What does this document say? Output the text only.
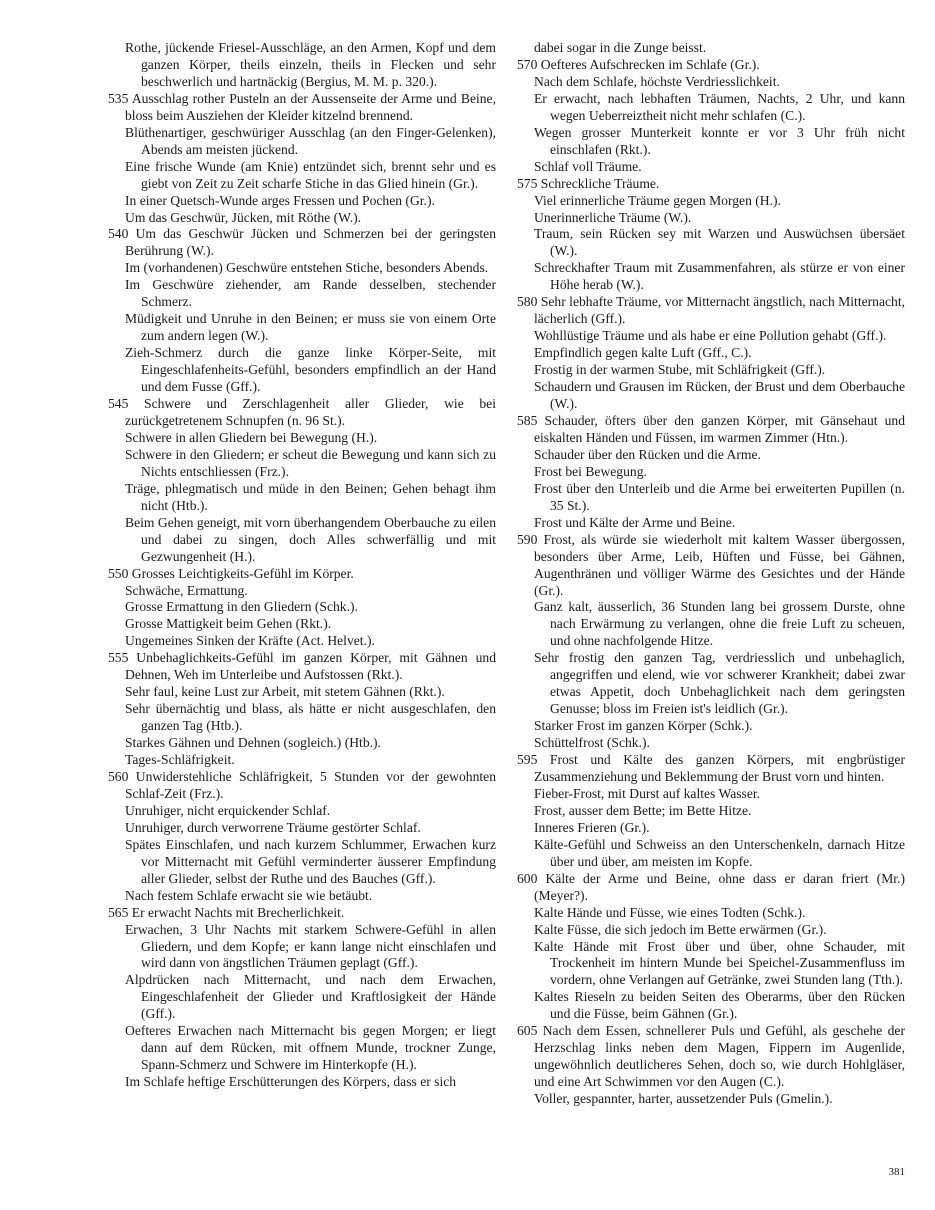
Rothe, jückende Friesel-Ausschläge, an den Armen, Kopf und dem ganzen Körper, theils einzeln, theils in Flecken und sehr beschwerlich und hartnäckig (Bergius, M. M. p. 320.).

535 Ausschlag rother Pusteln an der Aussenseite der Arme und Beine, bloss beim Ausziehen der Kleider kitzelnd brennend.

Blüthenartiger, geschwüriger Ausschlag (an den Finger-Gelenken), Abends am meisten jückend.

Eine frische Wunde (am Knie) entzündet sich, brennt sehr und es giebt von Zeit zu Zeit scharfe Stiche in das Glied hinein (Gr.).

In einer Quetsch-Wunde arges Fressen und Pochen (Gr.).

Um das Geschwür, Jücken, mit Röthe (W.).

540 Um das Geschwür Jücken und Schmerzen bei der geringsten Berührung (W.).

Im (vorhandenen) Geschwüre entstehen Stiche, besonders Abends.

Im Geschwüre ziehender, am Rande desselben, stechender Schmerz.

Müdigkeit und Unruhe in den Beinen; er muss sie von einem Orte zum andern legen (W.).

Zieh-Schmerz durch die ganze linke Körper-Seite, mit Eingeschlafenheits-Gefühl, besonders empfindlich an der Hand und dem Fusse (Gff.).

545 Schwere und Zerschlagenheit aller Glieder, wie bei zurückgetretenem Schnupfen (n. 96 St.).

Schwere in allen Gliedern bei Bewegung (H.).

Schwere in den Gliedern; er scheut die Bewegung und kann sich zu Nichts entschliessen (Frz.).

Träge, phlegmatisch und müde in den Beinen; Gehen behagt ihm nicht (Htb.).

Beim Gehen geneigt, mit vorn überhangendem Oberbauche zu eilen und dabei zu singen, doch Alles schwerfällig und mit Gezwungenheit (H.).

550 Grosses Leichtigkeits-Gefühl im Körper.

Schwäche, Ermattung.

Grosse Ermattung in den Gliedern (Schk.).

Grosse Mattigkeit beim Gehen (Rkt.).

Ungemeines Sinken der Kräfte (Act. Helvet.).

555 Unbehaglichkeits-Gefühl im ganzen Körper, mit Gähnen und Dehnen, Weh im Unterleibe und Aufstossen (Rkt.).

Sehr faul, keine Lust zur Arbeit, mit stetem Gähnen (Rkt.).

Sehr übernächtig und blass, als hätte er nicht ausgeschlafen, den ganzen Tag (Htb.).

Starkes Gähnen und Dehnen (sogleich.) (Htb.).

Tages-Schläfrigkeit.

560 Unwiderstehliche Schläfrigkeit, 5 Stunden vor der gewohnten Schlaf-Zeit (Frz.).

Unruhiger, nicht erquickender Schlaf.

Unruhiger, durch verworrene Träume gestörter Schlaf.

Spätes Einschlafen, und nach kurzem Schlummer, Erwachen kurz vor Mitternacht mit Gefühl verminderter äusserer Empfindung aller Glieder, selbst der Ruthe und des Bauches (Gff.).

Nach festem Schlafe erwacht sie wie betäubt.

565 Er erwacht Nachts mit Brecherlichkeit.

Erwachen, 3 Uhr Nachts mit starkem Schwere-Gefühl in allen Gliedern, und dem Kopfe; er kann lange nicht einschlafen und wird dann von ängstlichen Träumen geplagt (Gff.).

Alpdrücken nach Mitternacht, und nach dem Erwachen, Eingeschlafenheit der Glieder und Kraftlosigkeit der Hände (Gff.).

Oefteres Erwachen nach Mitternacht bis gegen Morgen; er liegt dann auf dem Rücken, mit offnem Munde, trockner Zunge, Spann-Schmerz und Schwere im Hinterkopfe (H.).

Im Schlafe heftige Erschütterungen des Körpers, dass er sich

dabei sogar in die Zunge beisst.

570 Oefteres Aufschrecken im Schlafe (Gr.).

Nach dem Schlafe, höchste Verdriesslichkeit.

Er erwacht, nach lebhaften Träumen, Nachts, 2 Uhr, und kann wegen Ueberreiztheit nicht mehr schlafen (C.).

Wegen grosser Munterkeit konnte er vor 3 Uhr früh nicht einschlafen (Rkt.).

Schlaf voll Träume.

575 Schreckliche Träume.

Viel erinnerliche Träume gegen Morgen (H.).

Unerinnerliche Träume (W.).

Traum, sein Rücken sey mit Warzen und Auswüchsen übersäet (W.).

Schreckhafter Traum mit Zusammenfahren, als stürze er von einer Höhe herab (W.).

580 Sehr lebhafte Träume, vor Mitternacht ängstlich, nach Mitternacht, lächerlich (Gff.).

Wohllüstige Träume und als habe er eine Pollution gehabt (Gff.).

Empfindlich gegen kalte Luft (Gff., C.).

Frostig in der warmen Stube, mit Schläfrigkeit (Gff.).

Schaudern und Grausen im Rücken, der Brust und dem Oberbauche (W.).

585 Schauder, öfters über den ganzen Körper, mit Gänsehaut und eiskalten Händen und Füssen, im warmen Zimmer (Htn.).

Schauder über den Rücken und die Arme.

Frost bei Bewegung.

Frost über den Unterleib und die Arme bei erweiterten Pupillen (n. 35 St.).

Frost und Kälte der Arme und Beine.

590 Frost, als würde sie wiederholt mit kaltem Wasser übergossen, besonders über Arme, Leib, Hüften und Füsse, bei Gähnen, Augenthränen und völliger Wärme des Gesichtes und der Hände (Gr.).

Ganz kalt, äusserlich, 36 Stunden lang bei grossem Durste, ohne nach Erwärmung zu verlangen, ohne die freie Luft zu scheuen, und ohne nachfolgende Hitze.

Sehr frostig den ganzen Tag, verdriesslich und unbehaglich, angegriffen und elend, wie vor schwerer Krankheit; dabei zwar etwas Appetit, doch Unbehaglichkeit nach dem geringsten Genusse; bloss im Freien ist's leidlich (Gr.).

Starker Frost im ganzen Körper (Schk.).

Schüttelfrost (Schk.).

595 Frost und Kälte des ganzen Körpers, mit engbrüstiger Zusammenziehung und Beklemmung der Brust vorn und hinten.

Fieber-Frost, mit Durst auf kaltes Wasser.

Frost, ausser dem Bette; im Bette Hitze.

Inneres Frieren (Gr.).

Kälte-Gefühl und Schweiss an den Unterschenkeln, darnach Hitze über und über, am meisten im Kopfe.

600 Kälte der Arme und Beine, ohne dass er daran friert (Mr.) (Meyer?).

Kalte Hände und Füsse, wie eines Todten (Schk.).

Kalte Füsse, die sich jedoch im Bette erwärmen (Gr.).

Kalte Hände mit Frost über und über, ohne Schauder, mit Trockenheit im hintern Munde bei Speichel-Zusammenfluss im vordern, ohne Verlangen auf Getränke, zwei Stunden lang (Tth.).

Kaltes Rieseln zu beiden Seiten des Oberarms, über den Rücken und die Füsse, beim Gähnen (Gr.).

605 Nach dem Essen, schnellerer Puls und Gefühl, als geschehe der Herzschlag links neben dem Magen, Fippern im Augenlide, ungewöhnlich deutlicheres Sehen, doch so, wie durch Hohlgläser, und eine Art Schwimmen vor den Augen (C.).

Voller, gespannter, harter, aussetzender Puls (Gmelin.).

381
